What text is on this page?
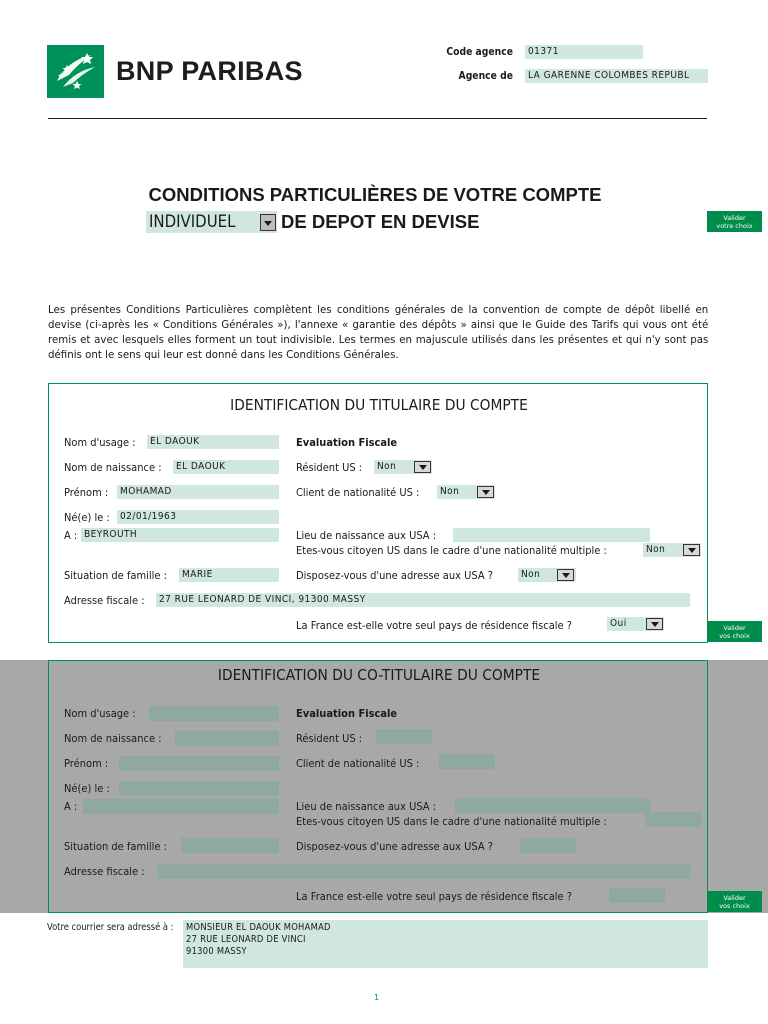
BNP PARIBAS
Code agence	01371
Agence de	LA GARENNE COLOMBES REPUBL
CONDITIONS PARTICULIÈRES DE VOTRE COMPTE
INDIVIDUEL	DE DEPOT EN DEVISE	Valider
votre choix
Les présentes Conditions Particulières complètent les conditions générales de la convention de compte de dépôt libellé en devise (ci-après les « Conditions Générales »), l'annexe « garantie des dépôts » ainsi que le Guide des Tarifs qui vous ont été remis et avec lesquels elles forment un tout indivisible. Les termes en majuscule utilisés dans les présentes et qui n'y sont pas définis ont le sens qui leur est donné dans les Conditions Générales.
IDENTIFICATION DU TITULAIRE DU COMPTE
Nom d'usage :	EL DAOUK
Nom de naissance :	EL DAOUK
Prénom :	MOHAMAD
Né(e) le :	02/01/1963
A : BEYROUTH
Situation de famille :	MARIE
Adresse fiscale :	27 RUE LEONARD DE VINCI, 91300 MASSY
Evaluation Fiscale
Résident US :	Non
Client de nationalité US :	Non
Lieu de naissance aux USA :
Etes-vous citoyen US dans le cadre d'une nationalité multiple :	Non
Disposez-vous d'une adresse aux USA ?	Non
La France est-elle votre seul pays de résidence fiscale ?	Oui	Valider
vos choix
IDENTIFICATION DU CO-TITULAIRE DU COMPTE
Nom d'usage :
Nom de naissance :
Prénom :
Né(e) le :
A :
Situation de famille :
Adresse fiscale :
Evaluation Fiscale
Résident US :
Client de nationalité US :
Lieu de naissance aux USA :
Etes-vous citoyen US dans le cadre d'une nationalité multiple :
Disposez-vous d'une adresse aux USA ?
La France est-elle votre seul pays de résidence fiscale ?	Valider
vos choix
Votre courrier sera adressé à : MONSIEUR EL DAOUK MOHAMAD
27 RUE LEONARD DE VINCI
91300 MASSY
1
